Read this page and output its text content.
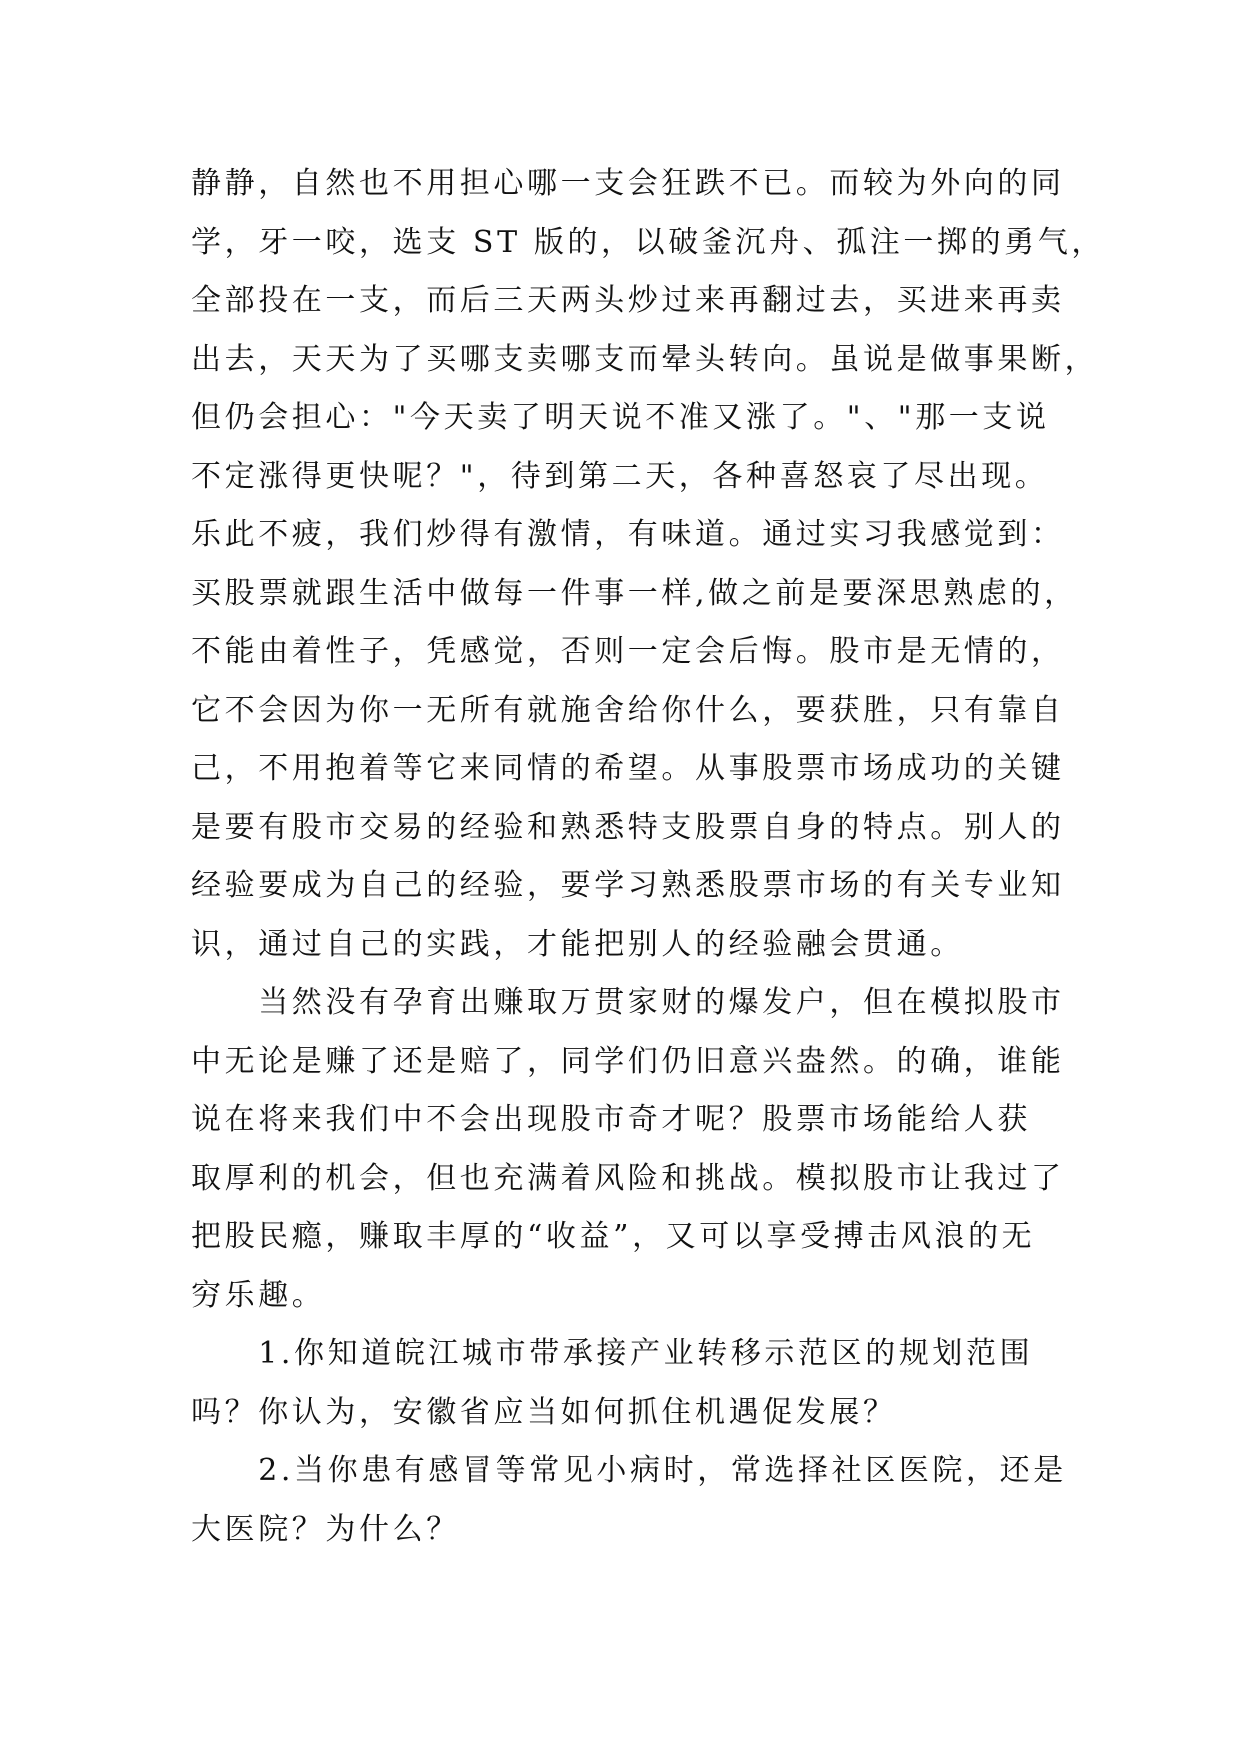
静静，自然也不用担心哪一支会狂跌不已。而较为外向的同
学，牙一咬，选支 ST 版的，以破釜沉舟、孤注一掷的勇气，
全部投在一支，而后三天两头炒过来再翻过去，买进来再卖
出去，天天为了买哪支卖哪支而晕头转向。虽说是做事果断，
但仍会担心："今天卖了明天说不准又涨了。"、"那一支说
不定涨得更快呢？"，待到第二天，各种喜怒哀了尽出现。
乐此不疲，我们炒得有激情，有味道。通过实习我感觉到：
买股票就跟生活中做每一件事一样,做之前是要深思熟虑的，
不能由着性子，凭感觉，否则一定会后悔。股市是无情的，
它不会因为你一无所有就施舍给你什么，要获胜，只有靠自
己，不用抱着等它来同情的希望。从事股票市场成功的关键
是要有股市交易的经验和熟悉特支股票自身的特点。别人的
经验要成为自己的经验，要学习熟悉股票市场的有关专业知
识，通过自己的实践，才能把别人的经验融会贯通。
　　当然没有孕育出赚取万贯家财的爆发户，但在模拟股市
中无论是赚了还是赔了，同学们仍旧意兴盎然。的确，谁能
说在将来我们中不会出现股市奇才呢？股票市场能给人获
取厚利的机会，但也充满着风险和挑战。模拟股市让我过了
把股民瘾，赚取丰厚的“收益”，又可以享受搏击风浪的无
穷乐趣。
　　1.你知道皖江城市带承接产业转移示范区的规划范围
吗？你认为，安徽省应当如何抓住机遇促发展？
　　2.当你患有感冒等常见小病时，常选择社区医院，还是
大医院？为什么？
